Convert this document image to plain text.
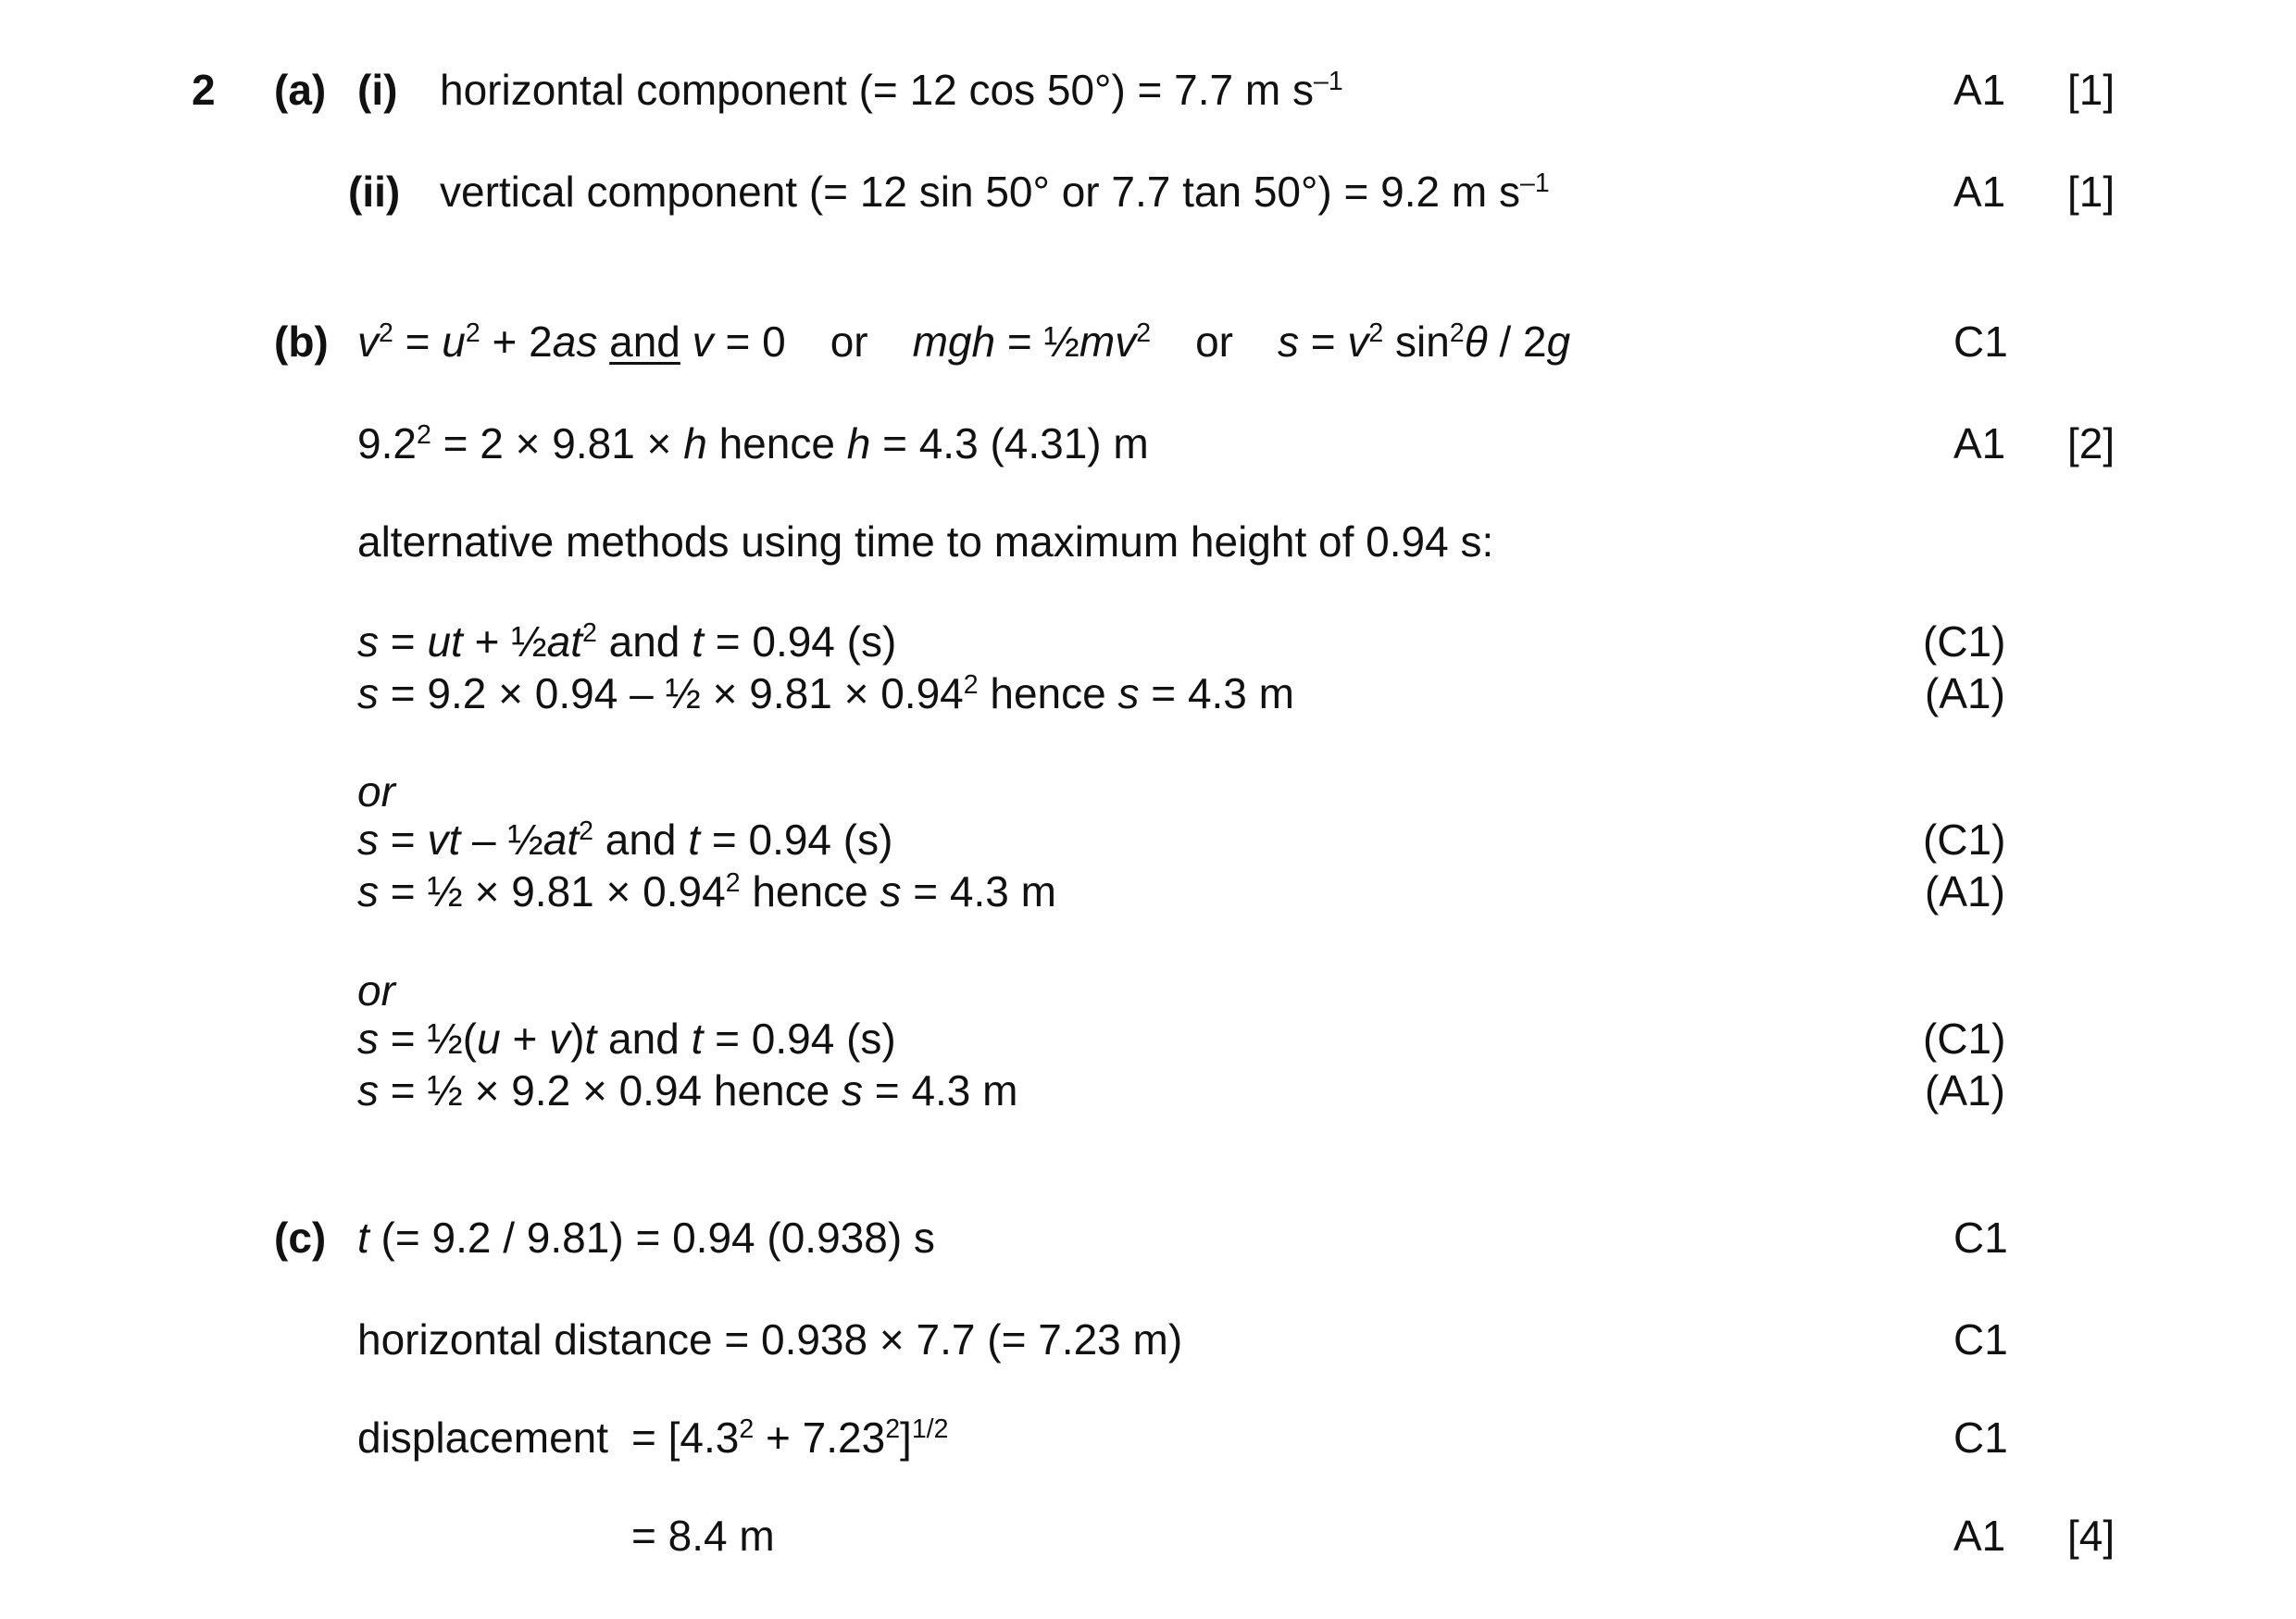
2 (a) (i) horizontal component (= 12 cos 50°) = 7.7 m $s^{-1}$	A1 [1]
(ii) vertical component (= 12 sin 50° or 7.7 tan 50°) = 9.2 m $s^{-1}$	A1 [1]
(b) $v^2 = u^2 + 2as$ and v = 0 or mgh = $\frac{1}{2}mv^2$ or $s = v^2$ $\sin^2\theta / 2g$	C1
$9.2^2 = 2 \times 9.81 \times h$ hence h = 4.3 (4.31) m	A1 [2]
alternative methods using time to maximum height of 0.94 s:
s = ut + $\frac{1}{2}at^2$ and t = 0.94 (s)	(C1)
s = 9.2 × 0.94 – ½ × $9.81 \times 0.94^2$ hence s = 4.3 m	(A1)
or
s = vt – $\frac{1}{2}at^2$ and t = 0.94 (s)	(C1)
s = ½ × $9.81 \times 0.94^2$ hence s = 4.3 m	(A1)
or
s = ½(u + v)t and t = 0.94 (s)	(C1)
s = ½ × 9.2 × 0.94 hence s = 4.3 m	(A1)
(c) t (= 9.2 / 9.81) = 0.94 (0.938) s	C1
horizontal distance = 0.938 × 7.7 (= 7.23 m)	C1
displacement = $[4.3^2 + 7.23^2]^{1/2}$	C1
= 8.4 m	A1 [4]
